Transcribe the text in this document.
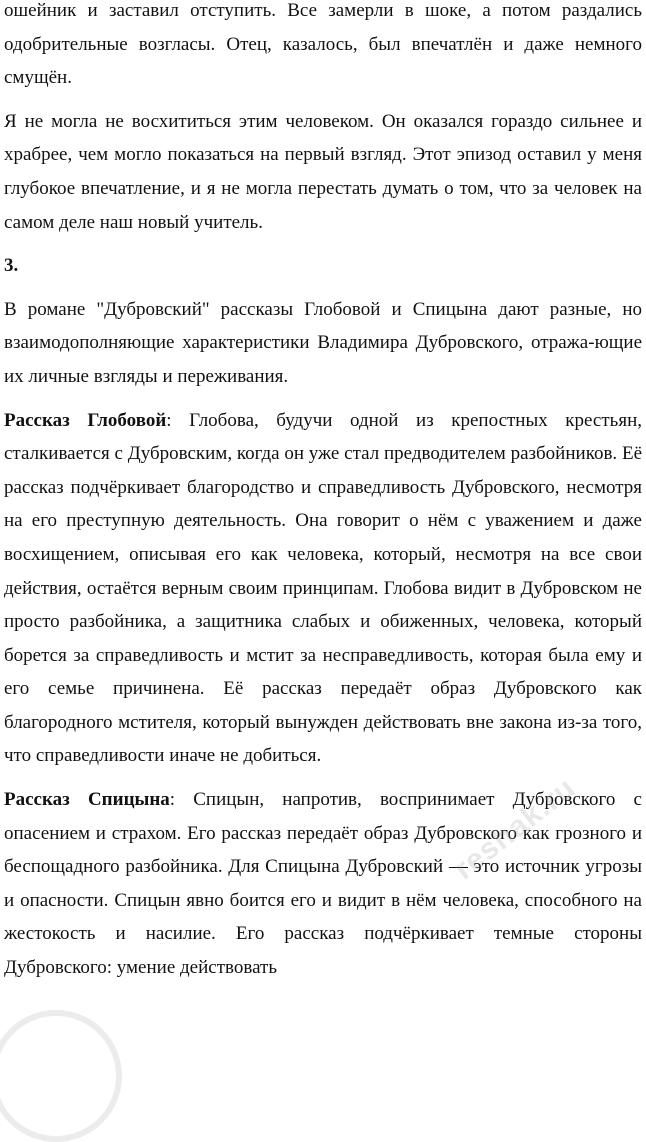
ошейник и заставил отступить. Все замерли в шоке, а потом раздались одобрительные возгласы. Отец, казалось, был впечатлён и даже немного смущён.

Я не могла не восхититься этим человеком. Он оказался гораздо сильнее и храбрее, чем могло показаться на первый взгляд. Этот эпизод оставил у меня глубокое впечатление, и я не могла перестать думать о том, что за человек на самом деле наш новый учитель.

3.

В романе "Дубровский" рассказы Глобовой и Спицына дают разные, но взаимодополняющие характеристики Владимира Дубровского, отража-ющие их личные взгляды и переживания.

Рассказ Глобовой: Глобова, будучи одной из крепостных крестьян, сталкивается с Дубровским, когда он уже стал предводителем разбойников. Её рассказ подчёркивает благородство и справедливость Дубровского, несмотря на его преступную деятельность. Она говорит о нём с уважением и даже восхищением, описывая его как человека, который, несмотря на все свои действия, остаётся верным своим принципам. Глобова видит в Дубровском не просто разбойника, а защитника слабых и обиженных, человека, который борется за справедливость и мстит за несправедливость, которая была ему и его семье причинена. Её рассказ передаёт образ Дубровского как благородного мстителя, который вынужден действовать вне закона из-за того, что справедливости иначе не добиться.

Рассказ Спицына: Спицын, напротив, воспринимает Дубровского с опасением и страхом. Его рассказ передаёт образ Дубровского как грозного и беспощадного разбойника. Для Спицына Дубровский — это источник угрозы и опасности. Спицын явно боится его и видит в нём человека, способного на жестокость и насилие. Его рассказ подчёркивает темные стороны Дубровского: умение действовать

reshak.ru
